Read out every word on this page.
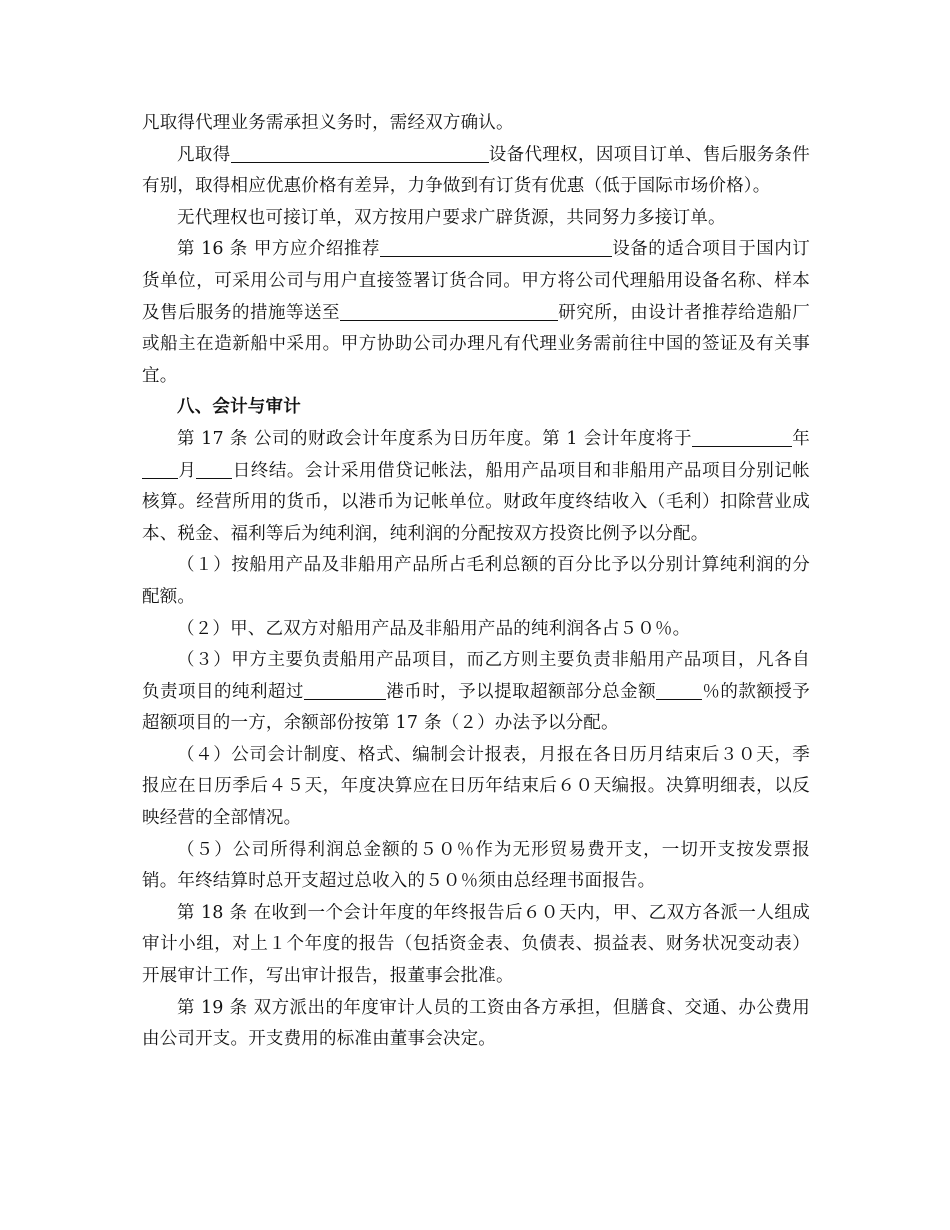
凡取得代理业务需承担义务时，需经双方确认。

凡取得	设备代理权，因项目订单、售后服务条件有别，取得相应优惠价格有差异，力争做到有订货有优惠（低于国际市场价格）。

无代理权也可接订单，双方按用户要求广辟货源，共同努力多接订单。

第 16 条 甲方应介绍推荐	设备的适合项目于国内订货单位，可采用公司与用户直接签署订货合同。甲方将公司代理船用设备名称、样本及售后服务的措施等送至	研究所，由设计者推荐给造船厂或船主在造新船中采用。甲方协助公司办理凡有代理业务需前往中国的签证及有关事宜。

八、会计与审计

第 17 条 公司的财政会计年度系为日历年度。第 1 会计年度将于	年月 日终结。会计采用借贷记帐法，船用产品项目和非船用产品项目分别记帐核算。经营所用的货币，以港币为记帐单位。财政年度终结收入（毛利）扣除营业成本、税金、福利等后为纯利润，纯利润的分配按双方投资比例予以分配。

（１）按船用产品及非船用产品所占毛利总额的百分比予以分别计算纯利润的分配额。

（２）甲、乙双方对船用产品及非船用产品的纯利润各占５０％。

（３）甲方主要负责船用产品项目，而乙方则主要负责非船用产品项目，凡各自负责项目的纯利超过	港币时，予以提取超额部分总金额	％的款额授予超额项目的一方，余额部份按第 17 条（２）办法予以分配。

（４）公司会计制度、格式、编制会计报表，月报在各日历月结束后３０天，季报应在日历季后４５天，年度决算应在日历年结束后６０天编报。决算明细表，以反映经营的全部情况。

（５）公司所得利润总金额的５０％作为无形贸易费开支，一切开支按发票报销。年终结算时总开支超过总收入的５０％须由总经理书面报告。

第 18 条 在收到一个会计年度的年终报告后６０天内，甲、乙双方各派一人组成审计小组，对上１个年度的报告（包括资金表、负债表、损益表、财务状况变动表）开展审计工作，写出审计报告，报董事会批准。

第 19 条 双方派出的年度审计人员的工资由各方承担，但膳食、交通、办公费用由公司开支。开支费用的标准由董事会决定。
